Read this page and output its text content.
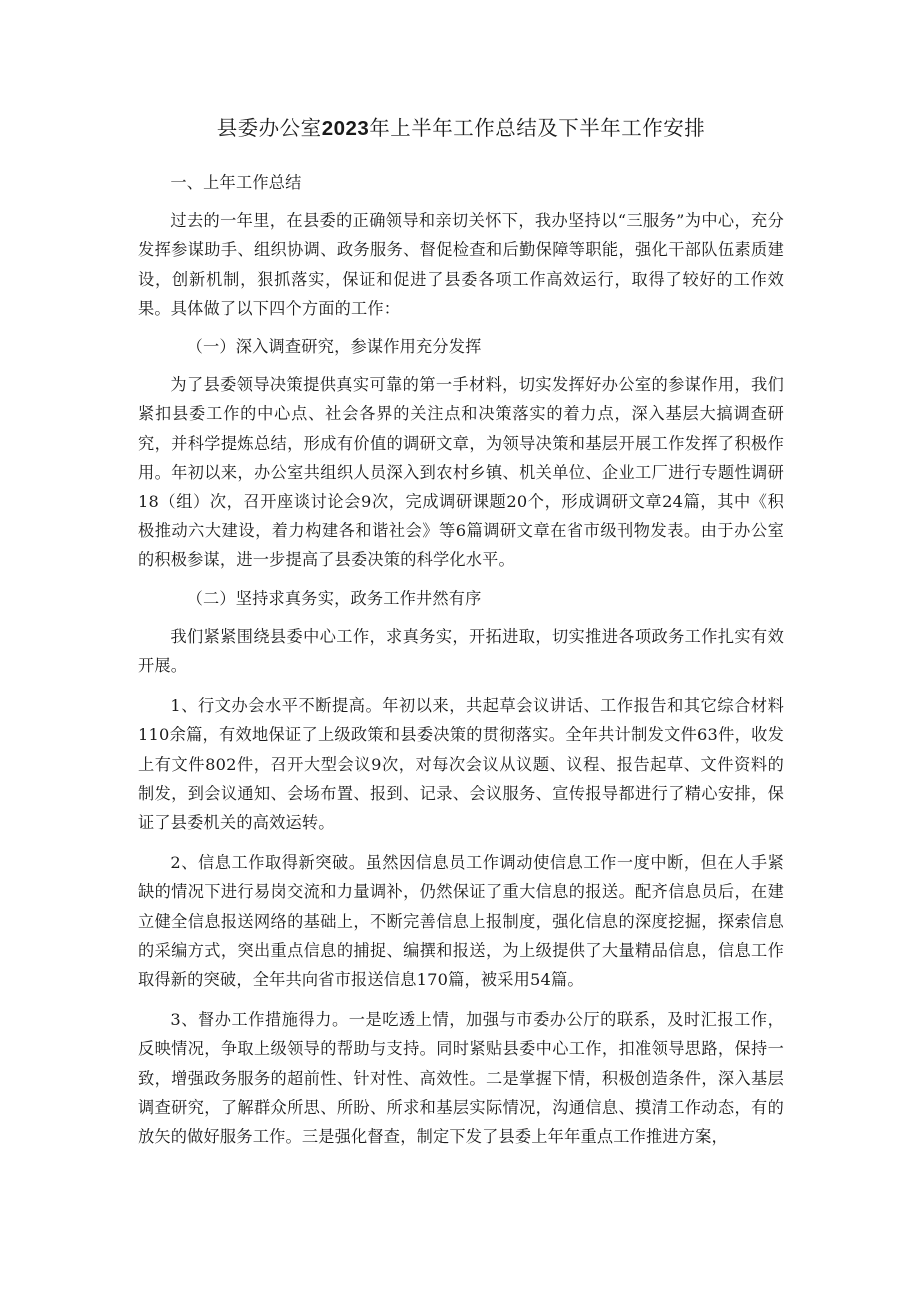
县委办公室2023年上半年工作总结及下半年工作安排

一、上年工作总结

过去的一年里，在县委的正确领导和亲切关怀下，我办坚持以“三服务”为中心，充分发挥参谋助手、组织协调、政务服务、督促检查和后勤保障等职能，强化干部队伍素质建设，创新机制，狠抓落实，保证和促进了县委各项工作高效运行，取得了较好的工作效果。具体做了以下四个方面的工作：

（一）深入调查研究，参谋作用充分发挥

为了县委领导决策提供真实可靠的第一手材料，切实发挥好办公室的参谋作用，我们紧扣县委工作的中心点、社会各界的关注点和决策落实的着力点，深入基层大搞调查研究，并科学提炼总结，形成有价值的调研文章，为领导决策和基层开展工作发挥了积极作用。年初以来，办公室共组织人员深入到农村乡镇、机关单位、企业工厂进行专题性调研18（组）次，召开座谈讨论会9次，完成调研课题20个，形成调研文章24篇，其中《积极推动六大建设，着力构建各和谐社会》等6篇调研文章在省市级刊物发表。由于办公室的积极参谋，进一步提高了县委决策的科学化水平。

（二）坚持求真务实，政务工作井然有序

我们紧紧围绕县委中心工作，求真务实，开拓进取，切实推进各项政务工作扎实有效开展。

1、行文办会水平不断提高。年初以来，共起草会议讲话、工作报告和其它综合材料110余篇，有效地保证了上级政策和县委决策的贯彻落实。全年共计制发文件63件，收发上有文件802件，召开大型会议9次，对每次会议从议题、议程、报告起草、文件资料的制发，到会议通知、会场布置、报到、记录、会议服务、宣传报导都进行了精心安排，保证了县委机关的高效运转。

2、信息工作取得新突破。虽然因信息员工作调动使信息工作一度中断，但在人手紧缺的情况下进行易岗交流和力量调补，仍然保证了重大信息的报送。配齐信息员后，在建立健全信息报送网络的基础上，不断完善信息上报制度，强化信息的深度挖掘，探索信息的采编方式，突出重点信息的捕捉、编撰和报送，为上级提供了大量精品信息，信息工作取得新的突破，全年共向省市报送信息170篇，被采用54篇。

3、督办工作措施得力。一是吃透上情，加强与市委办公厅的联系，及时汇报工作，反映情况，争取上级领导的帮助与支持。同时紧贴县委中心工作，扣准领导思路，保持一致，增强政务服务的超前性、针对性、高效性。二是掌握下情，积极创造条件，深入基层调查研究，了解群众所思、所盼、所求和基层实际情况，沟通信息、摸清工作动态，有的放矢的做好服务工作。三是强化督查，制定下发了县委上年年重点工作推进方案，
